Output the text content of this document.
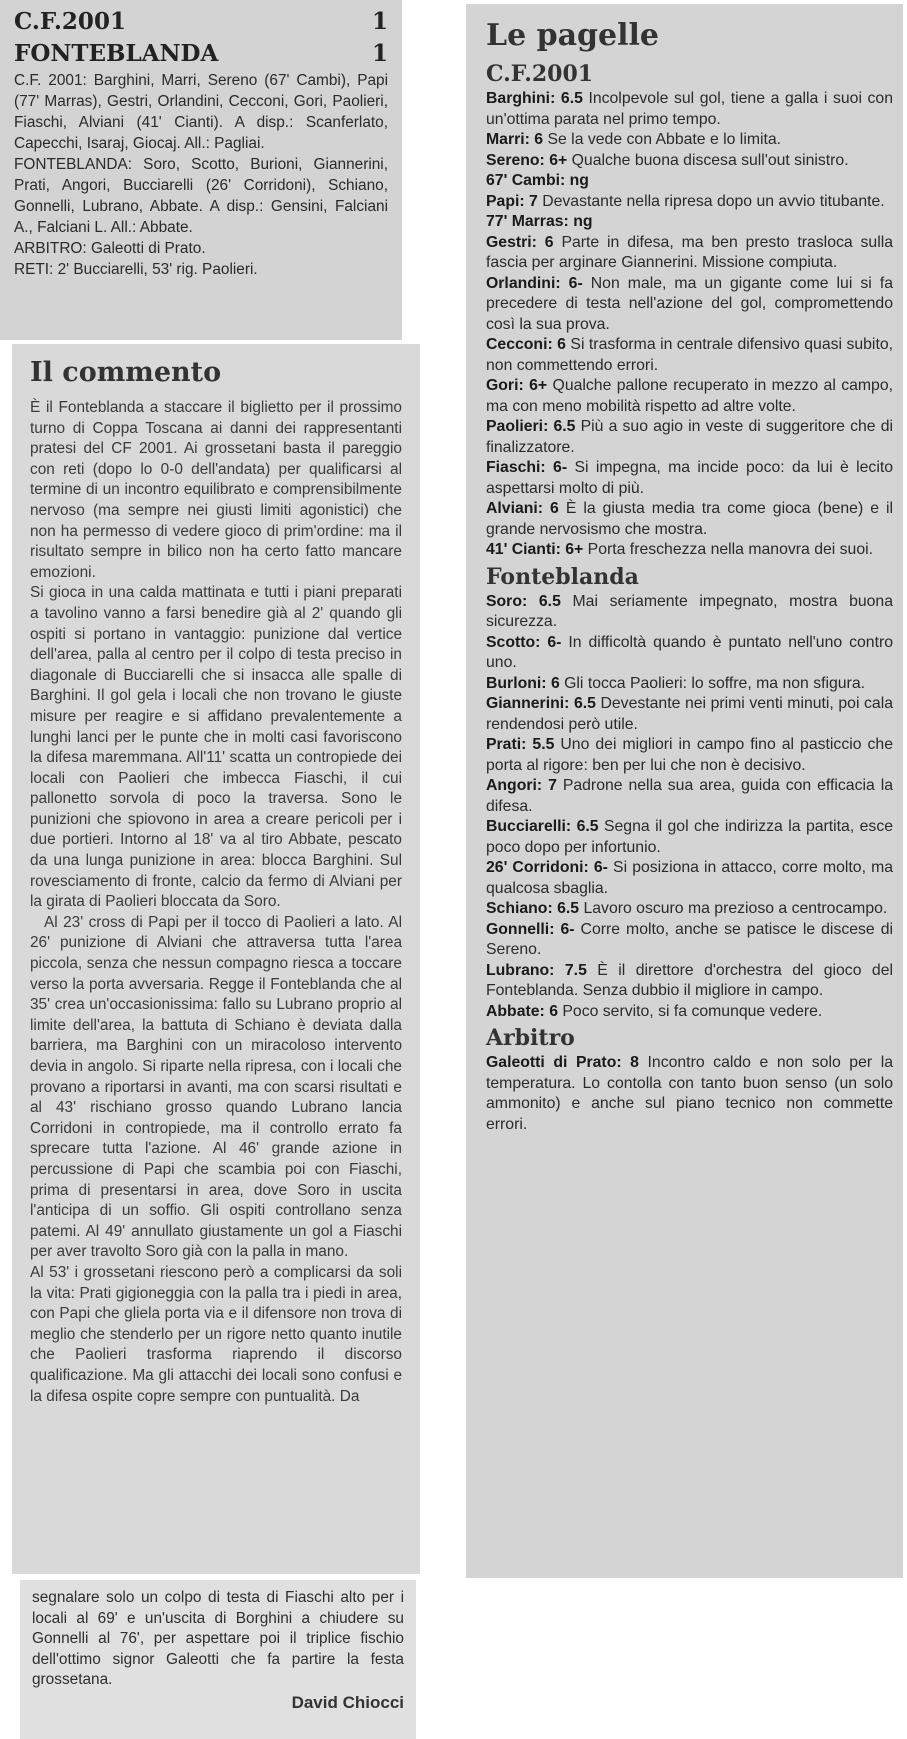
C.F.2001	1
FONTEBLANDA	1

C.F. 2001: Barghini, Marri, Sereno (67' Cambi), Papi (77' Marras), Gestri, Orlandini, Cecconi, Gori, Paolieri, Fiaschi, Alviani (41' Cianti). A disp.: Scanferlato, Capecchi, Isaraj, Giocaj. All.: Pagliai.

FONTEBLANDA: Soro, Scotto, Burioni, Giannerini, Prati, Angori, Bucciarelli (26' Corridoni), Schiano, Gonnelli, Lubrano, Abbate. A disp.: Gensini, Falciani A., Falciani L. All.: Abbate.

ARBITRO: Galeotti di Prato.

RETI: 2' Bucciarelli, 53' rig. Paolieri.

Il commento

È il Fonteblanda a staccare il biglietto per il prossimo turno di Coppa Toscana ai danni dei rappresentanti pratesi del CF 2001. Ai grossetani basta il pareggio con reti (dopo lo 0-0 dell'andata) per qualificarsi al termine di un incontro equilibrato e comprensibilmente nervoso (ma sempre nei giusti limiti agonistici) che non ha permesso di vedere gioco di prim'ordine: ma il risultato sempre in bilico non ha certo fatto mancare emozioni.

Si gioca in una calda mattinata e tutti i piani preparati a tavolino vanno a farsi benedire già al 2' quando gli ospiti si portano in vantaggio: punizione dal vertice dell'area, palla al centro per il colpo di testa preciso in diagonale di Bucciarelli che si insacca alle spalle di Barghini. Il gol gela i locali che non trovano le giuste misure per reagire e si affidano prevalentemente a lunghi lanci per le punte che in molti casi favoriscono la difesa maremmana. All'11' scatta un contropiede dei locali con Paolieri che imbecca Fiaschi, il cui pallonetto sorvola di poco la traversa. Sono le punizioni che spiovono in area a creare pericoli per i due portieri. Intorno al 18' va al tiro Abbate, pescato da una lunga punizione in area: blocca Barghini. Sul rovesciamento di fronte, calcio da fermo di Alviani per la girata di Paolieri bloccata da Soro.

Al 23' cross di Papi per il tocco di Paolieri a lato. Al 26' punizione di Alviani che attraversa tutta l'area piccola, senza che nessun compagno riesca a toccare verso la porta avversaria. Regge il Fonteblanda che al 35' crea un'occasionissima: fallo su Lubrano proprio al limite dell'area, la battuta di Schiano è deviata dalla barriera, ma Barghini con un miracoloso intervento devia in angolo. Si riparte nella ripresa, con i locali che provano a riportarsi in avanti, ma con scarsi risultati e al 43' rischiano grosso quando Lubrano lancia Corridoni in contropiede, ma il controllo errato fa sprecare tutta l'azione. Al 46' grande azione in percussione di Papi che scambia poi con Fiaschi, prima di presentarsi in area, dove Soro in uscita l'anticipa di un soffio. Gli ospiti controllano senza patemi. Al 49' annullato giustamente un gol a Fiaschi per aver travolto Soro già con la palla in mano.

Al 53' i grossetani riescono però a complicarsi da soli la vita: Prati gigioneggia con la palla tra i piedi in area, con Papi che gliela porta via e il difensore non trova di meglio che stenderlo per un rigore netto quanto inutile che Paolieri trasforma riaprendo il discorso qualificazione. Ma gli attacchi dei locali sono confusi e la difesa ospite copre sempre con puntualità. Da

segnalare solo un colpo di testa di Fiaschi alto per i locali al 69' e un'uscita di Borghini a chiudere su Gonnelli al 76', per aspettare poi il triplice fischio dell'ottimo signor Galeotti che fa partire la festa grossetana.

David Chiocci
Le pagelle
C.F.2001

Barghini: 6.5 Incolpevole sul gol, tiene a galla i suoi con un'ottima parata nel primo tempo.

Marri: 6 Se la vede con Abbate e lo limita.

Sereno: 6+ Qualche buona discesa sull'out sinistro.

67' Cambi: ng

Papi: 7 Devastante nella ripresa dopo un avvio titubante.

77' Marras: ng

Gestri: 6 Parte in difesa, ma ben presto trasloca sulla fascia per arginare Giannerini. Missione compiuta.

Orlandini: 6- Non male, ma un gigante come lui si fa precedere di testa nell'azione del gol, compromettendo così la sua prova.

Cecconi: 6 Si trasforma in centrale difensivo quasi subito, non commettendo errori.

Gori: 6+ Qualche pallone recuperato in mezzo al campo, ma con meno mobilità rispetto ad altre volte.

Paolieri: 6.5 Più a suo agio in veste di suggeritore che di finalizzatore.

Fiaschi: 6- Si impegna, ma incide poco: da lui è lecito aspettarsi molto di più.

Alviani: 6 È la giusta media tra come gioca (bene) e il grande nervosismo che mostra.

41' Cianti: 6+ Porta freschezza nella manovra dei suoi.

Fonteblanda

Soro: 6.5 Mai seriamente impegnato, mostra buona sicurezza.

Scotto: 6- In difficoltà quando è puntato nell'uno contro uno.

Burloni: 6 Gli tocca Paolieri: lo soffre, ma non sfigura.

Giannerini: 6.5 Devestante nei primi venti minuti, poi cala rendendosi però utile.

Prati: 5.5 Uno dei migliori in campo fino al pasticcio che porta al rigore: ben per lui che non è decisivo.

Angori: 7 Padrone nella sua area, guida con efficacia la difesa.

Bucciarelli: 6.5 Segna il gol che indirizza la partita, esce poco dopo per infortunio.

26' Corridoni: 6- Si posiziona in attacco, corre molto, ma qualcosa sbaglia.

Schiano: 6.5 Lavoro oscuro ma prezioso a centrocampo.

Gonnelli: 6- Corre molto, anche se patisce le discese di Sereno.

Lubrano: 7.5 È il direttore d'orchestra del gioco del Fonteblanda. Senza dubbio il migliore in campo.

Abbate: 6 Poco servito, si fa comunque vedere.

Arbitro

Galeotti di Prato: 8 Incontro caldo e non solo per la temperatura. Lo contolla con tanto buon senso (un solo ammonito) e anche sul piano tecnico non commette errori.
